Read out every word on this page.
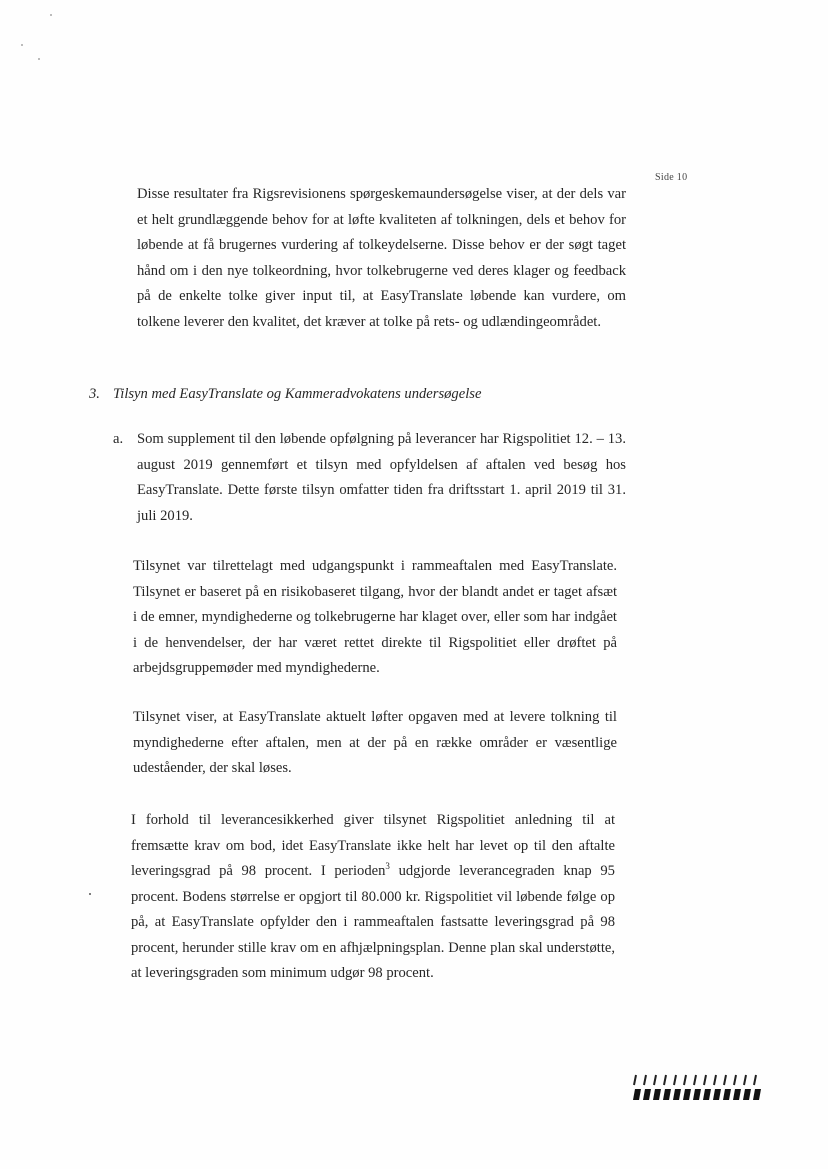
Side 10

Disse resultater fra Rigsrevisionens spørgeskemaundersøgelse viser, at der dels var et helt grundlæggende behov for at løfte kvaliteten af tolkningen, dels et behov for løbende at få brugernes vurdering af tolkeydelserne. Disse behov er der søgt taget hånd om i den nye tolkeordning, hvor tolkebrugerne ved deres klager og feedback på de enkelte tolke giver input til, at EasyTranslate løbende kan vurdere, om tolkene leverer den kvalitet, det kræver at tolke på rets- og udlændingeområdet.

3. Tilsyn med EasyTranslate og Kammeradvokatens undersøgelse
a. Som supplement til den løbende opfølgning på leverancer har Rigspolitiet 12. – 13. august 2019 gennemført et tilsyn med opfyldelsen af aftalen ved besøg hos EasyTranslate. Dette første tilsyn omfatter tiden fra driftsstart 1. april 2019 til 31. juli 2019.

Tilsynet var tilrettelagt med udgangspunkt i rammeaftalen med EasyTranslate. Tilsynet er baseret på en risikobaseret tilgang, hvor der blandt andet er taget afsæt i de emner, myndighederne og tolkebrugerne har klaget over, eller som har indgået i de henvendelser, der har været rettet direkte til Rigspolitiet eller drøftet på arbejdsgruppemøder med myndighederne.

Tilsynet viser, at EasyTranslate aktuelt løfter opgaven med at levere tolkning til myndighederne efter aftalen, men at der på en række områder er væsentlige udeståender, der skal løses.

I forhold til leverancesikkerhed giver tilsynet Rigspolitiet anledning til at fremsætte krav om bod, idet EasyTranslate ikke helt har levet op til den aftalte leveringsgrad på 98 procent. I perioden$^3$ udgjorde leverancegraden knap 95 procent. Bodens størrelse er opgjort til 80.000 kr. Rigspolitiet vil løbende følge op på, at EasyTranslate opfylder den i rammeaftalen fastsatte leveringsgrad på 98 procent, herunder stille krav om en afhjælpningsplan. Denne plan skal understøtte, at leveringsgraden som minimum udgør 98 procent.
